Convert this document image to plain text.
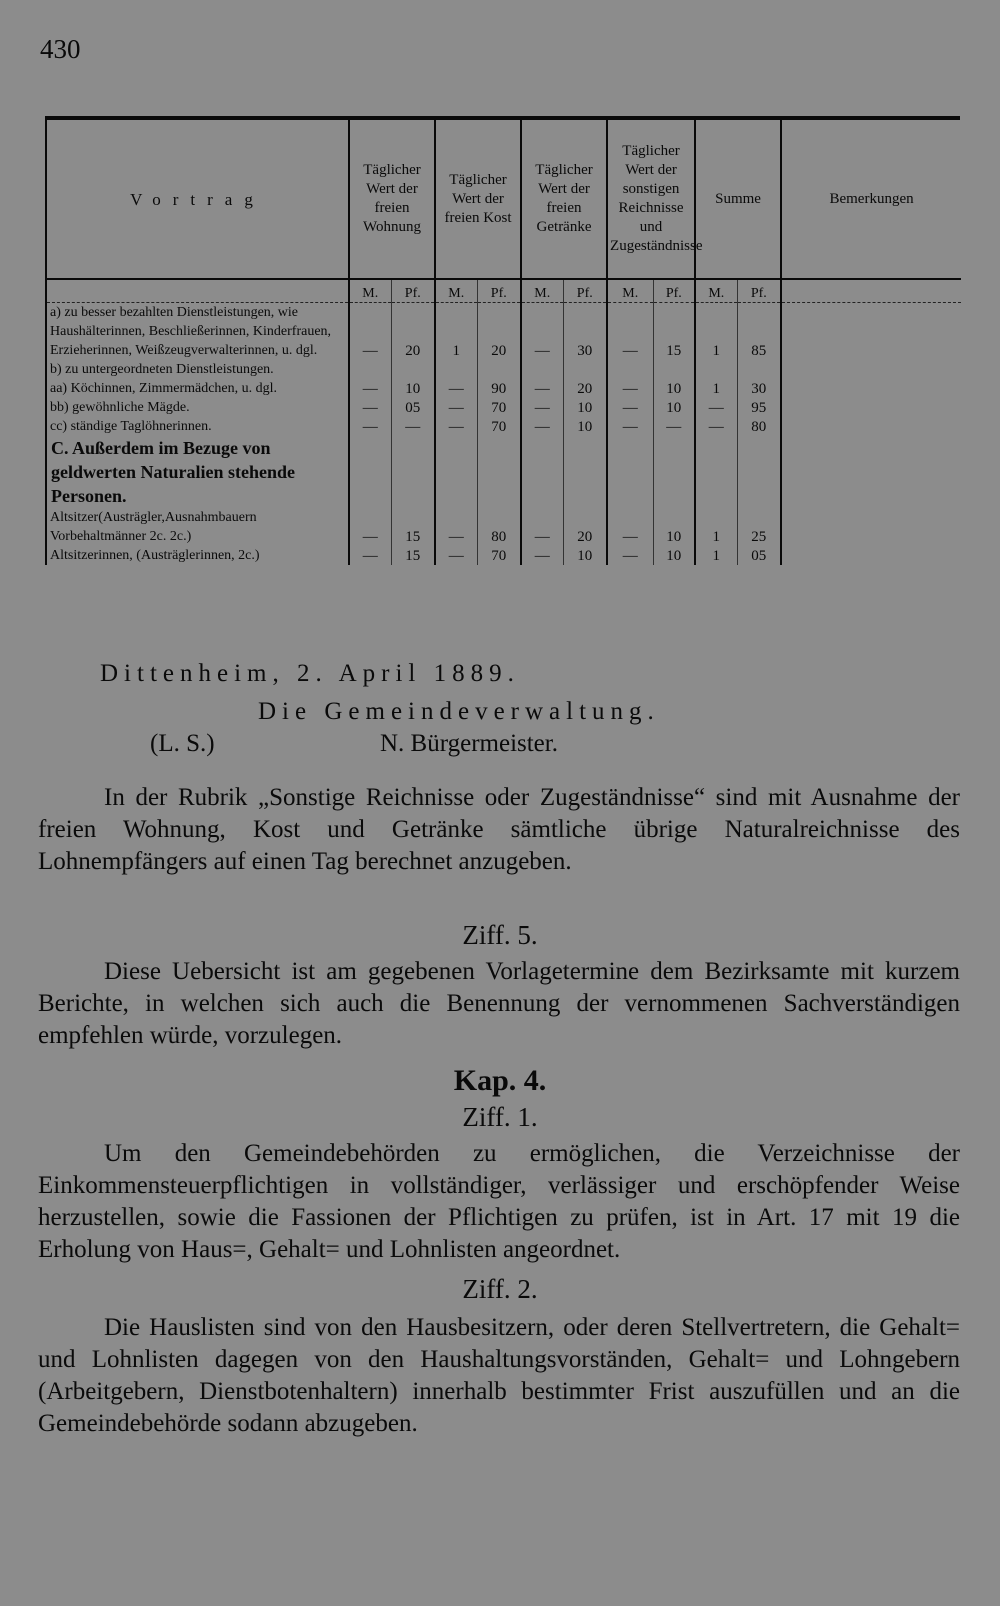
430
Vortrag	Täglicher Wert der freien Wohnung		Täglicher Wert der freien Kost		Täglicher Wert der freien Getränke		Täglicher Wert der sonstigen Reichnisse und Zugeständnisse		Summe		Bemerkungen
	M.	Pf.	M.	Pf.	M.	Pf.	M.	Pf.	M.	Pf.	
a) zu besser bezahlten Dienstleistungen, wie Haushälterinnen, Beschließerinnen, Kinderfrauen, Erzieherinnen, Weißzeugverwalterinnen, u. dgl.	—	20	1	20	—	30	—	15	1	85	
b) zu untergeordneten Dienstleistungen.											
aa) Köchinnen, Zimmermädchen, u. dgl.	—	10	—	90	—	20	—	10	1	30	
bb) gewöhnliche Mägde.	—	05	—	70	—	10	—	10	—	95	
cc) ständige Taglöhnerinnen.	—	—	—	70	—	10	—	—	—	80	
C. Außerdem im Bezuge von geldwerten Naturalien stehende Personen.											
Altsitzer(Austrägler,Ausnahmbauern Vorbehaltmänner 2c. 2c.)	—	15	—	80	—	20	—	10	1	25	
Altsitzerinnen, (Austräglerinnen, 2c.)	—	15	—	70	—	10	—	10	1	05	
Dittenheim, 2. April 1889.
Die Gemeindeverwaltung.
(L. S.)	N. Bürgermeister.
In der Rubrik „Sonstige Reichnisse oder Zugeständnisse“ sind mit Ausnahme der freien Wohnung, Kost und Getränke sämtliche übrige Naturalreichnisse des Lohnempfängers auf einen Tag berechnet anzugeben.
Ziff. 5.
Diese Uebersicht ist am gegebenen Vorlagetermine dem Bezirksamte mit kurzem Berichte, in welchen sich auch die Benennung der vernommenen Sachverständigen empfehlen würde, vorzulegen.
Kap. 4.
Ziff. 1.
Um den Gemeindebehörden zu ermöglichen, die Verzeichnisse der Einkommensteuerpflichtigen in vollständiger, verlässiger und erschöpfender Weise herzustellen, sowie die Fassionen der Pflichtigen zu prüfen, ist in Art. 17 mit 19 die Erholung von Haus=, Gehalt= und Lohnlisten angeordnet.
Ziff. 2.
Die Hauslisten sind von den Hausbesitzern, oder deren Stellvertretern, die Gehalt= und Lohnlisten dagegen von den Haushaltungsvorständen, Gehalt= und Lohngebern (Arbeitgebern, Dienstbotenhaltern) innerhalb bestimmter Frist auszufüllen und an die Gemeindebehörde sodann abzugeben.
